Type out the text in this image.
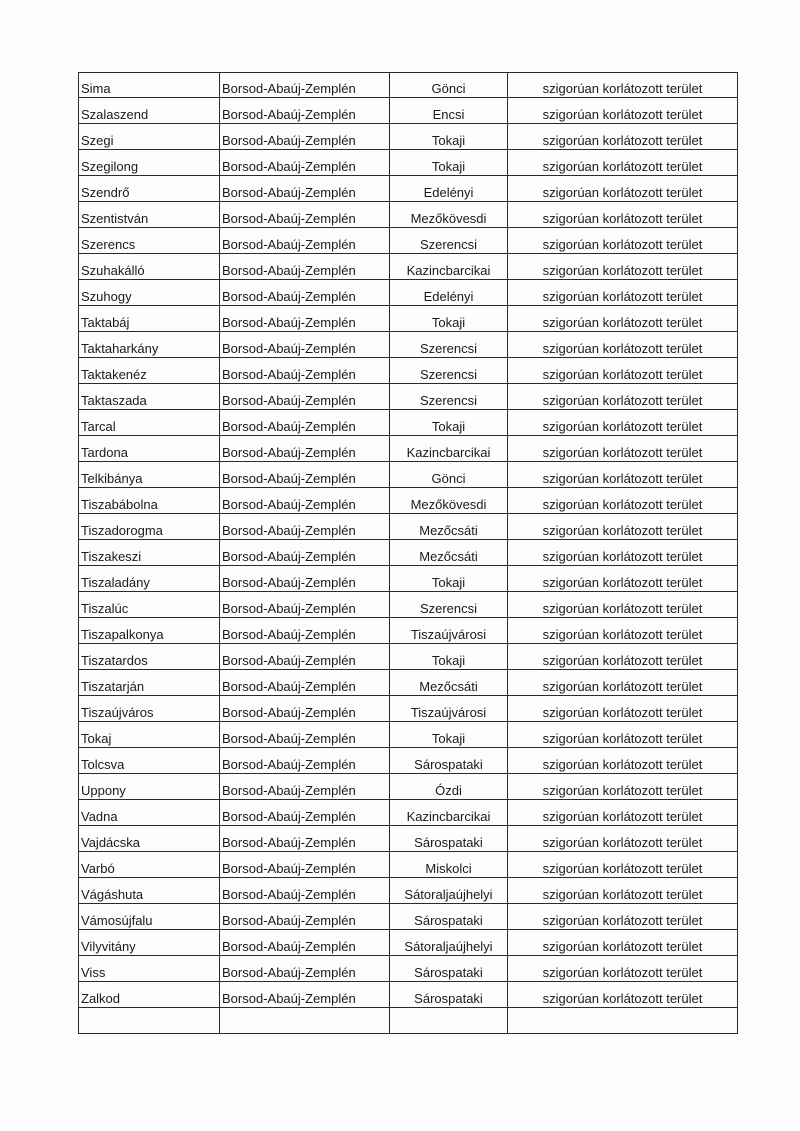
Sima	Borsod-Abaúj-Zemplén	Gönci	szigorúan korlátozott terület

Szalaszend	Borsod-Abaúj-Zemplén	Encsi	szigorúan korlátozott terület

Szegi	Borsod-Abaúj-Zemplén	Tokaji	szigorúan korlátozott terület

Szegilong	Borsod-Abaúj-Zemplén	Tokaji	szigorúan korlátozott terület

Szendrő	Borsod-Abaúj-Zemplén	Edelényi	szigorúan korlátozott terület

Szentistván	Borsod-Abaúj-Zemplén	Mezőkövesdi	szigorúan korlátozott terület

Szerencs	Borsod-Abaúj-Zemplén	Szerencsi	szigorúan korlátozott terület

Szuhakálló	Borsod-Abaúj-Zemplén	Kazincbarcikai	szigorúan korlátozott terület

Szuhogy	Borsod-Abaúj-Zemplén	Edelényi	szigorúan korlátozott terület

Taktabáj	Borsod-Abaúj-Zemplén	Tokaji	szigorúan korlátozott terület

Taktaharkány	Borsod-Abaúj-Zemplén	Szerencsi	szigorúan korlátozott terület

Taktakenéz	Borsod-Abaúj-Zemplén	Szerencsi	szigorúan korlátozott terület

Taktaszada	Borsod-Abaúj-Zemplén	Szerencsi	szigorúan korlátozott terület

Tarcal	Borsod-Abaúj-Zemplén	Tokaji	szigorúan korlátozott terület

Tardona	Borsod-Abaúj-Zemplén	Kazincbarcikai	szigorúan korlátozott terület

Telkibánya	Borsod-Abaúj-Zemplén	Gönci	szigorúan korlátozott terület

Tiszabábolna	Borsod-Abaúj-Zemplén	Mezőkövesdi	szigorúan korlátozott terület

Tiszadorogma	Borsod-Abaúj-Zemplén	Mezőcsáti	szigorúan korlátozott terület

Tiszakeszi	Borsod-Abaúj-Zemplén	Mezőcsáti	szigorúan korlátozott terület

Tiszaladány	Borsod-Abaúj-Zemplén	Tokaji	szigorúan korlátozott terület

Tiszalúc	Borsod-Abaúj-Zemplén	Szerencsi	szigorúan korlátozott terület

Tiszapalkonya	Borsod-Abaúj-Zemplén	Tiszaújvárosi	szigorúan korlátozott terület

Tiszatardos	Borsod-Abaúj-Zemplén	Tokaji	szigorúan korlátozott terület

Tiszatarján	Borsod-Abaúj-Zemplén	Mezőcsáti	szigorúan korlátozott terület

Tiszaújváros	Borsod-Abaúj-Zemplén	Tiszaújvárosi	szigorúan korlátozott terület

Tokaj	Borsod-Abaúj-Zemplén	Tokaji	szigorúan korlátozott terület

Tolcsva	Borsod-Abaúj-Zemplén	Sárospataki	szigorúan korlátozott terület

Uppony	Borsod-Abaúj-Zemplén	Ózdi	szigorúan korlátozott terület

Vadna	Borsod-Abaúj-Zemplén	Kazincbarcikai	szigorúan korlátozott terület

Vajdácska	Borsod-Abaúj-Zemplén	Sárospataki	szigorúan korlátozott terület

Varbó	Borsod-Abaúj-Zemplén	Miskolci	szigorúan korlátozott terület

Vágáshuta	Borsod-Abaúj-Zemplén	Sátoraljaújhelyi	szigorúan korlátozott terület

Vámosújfalu	Borsod-Abaúj-Zemplén	Sárospataki	szigorúan korlátozott terület

Vilyvitány	Borsod-Abaúj-Zemplén	Sátoraljaújhelyi	szigorúan korlátozott terület

Viss	Borsod-Abaúj-Zemplén	Sárospataki	szigorúan korlátozott terület

Zalkod	Borsod-Abaúj-Zemplén	Sárospataki	szigorúan korlátozott terület
